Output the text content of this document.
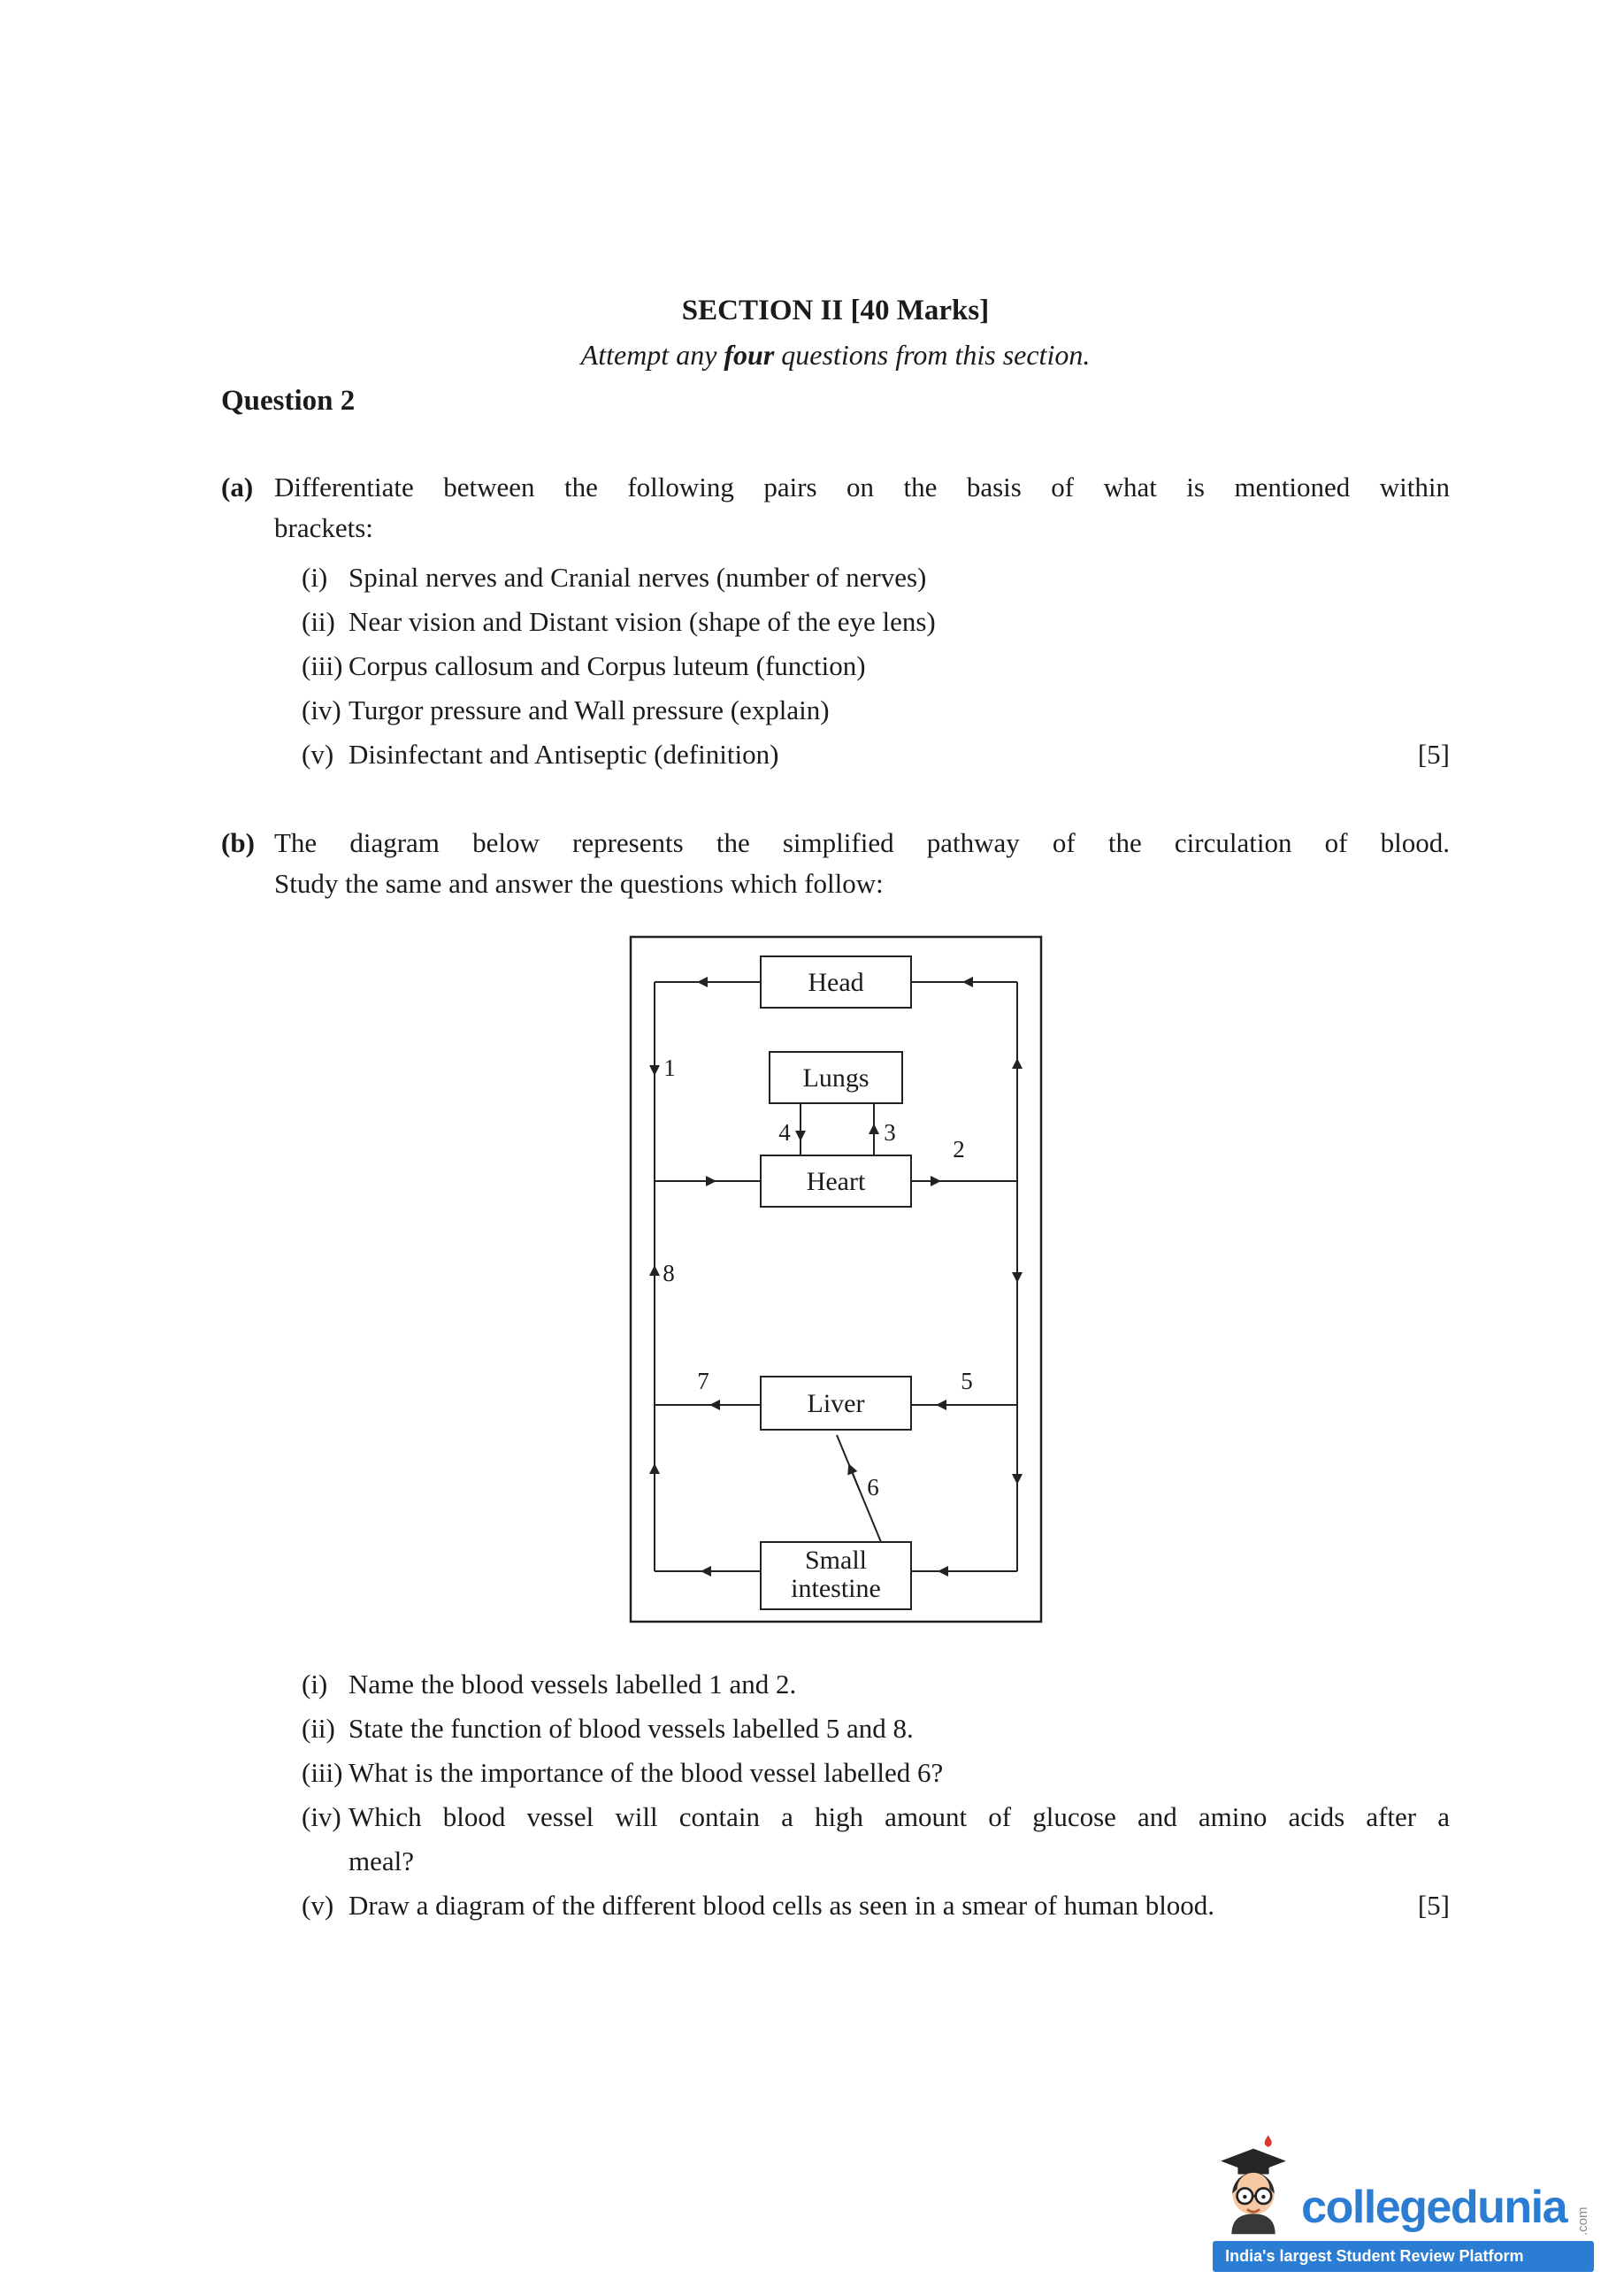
SECTION II [40 Marks]
Attempt any four questions from this section.
Question 2
(a) Differentiate between the following pairs on the basis of what is mentioned within
brackets:
(i) Spinal nerves and Cranial nerves (number of nerves)
(ii) Near vision and Distant vision (shape of the eye lens)
(iii) Corpus callosum and Corpus luteum (function)
(iv) Turgor pressure and Wall pressure (explain)
(v) Disinfectant and Antiseptic (definition)	[5]
(b) The diagram below represents the simplified pathway of the circulation of blood.
Study the same and answer the questions which follow:
Head
Lungs
Heart
Liver
Small
intestine
1
2
3
4
5
6
7
8
(i) Name the blood vessels labelled 1 and 2.
(ii) State the function of blood vessels labelled 5 and 8.
(iii) What is the importance of the blood vessel labelled 6?
(iv) Which blood vessel will contain a high amount of glucose and amino acids after a
meal?
(v) Draw a diagram of the different blood cells as seen in a smear of human blood.	[5]
collegedunia .com
India's largest Student Review Platform
